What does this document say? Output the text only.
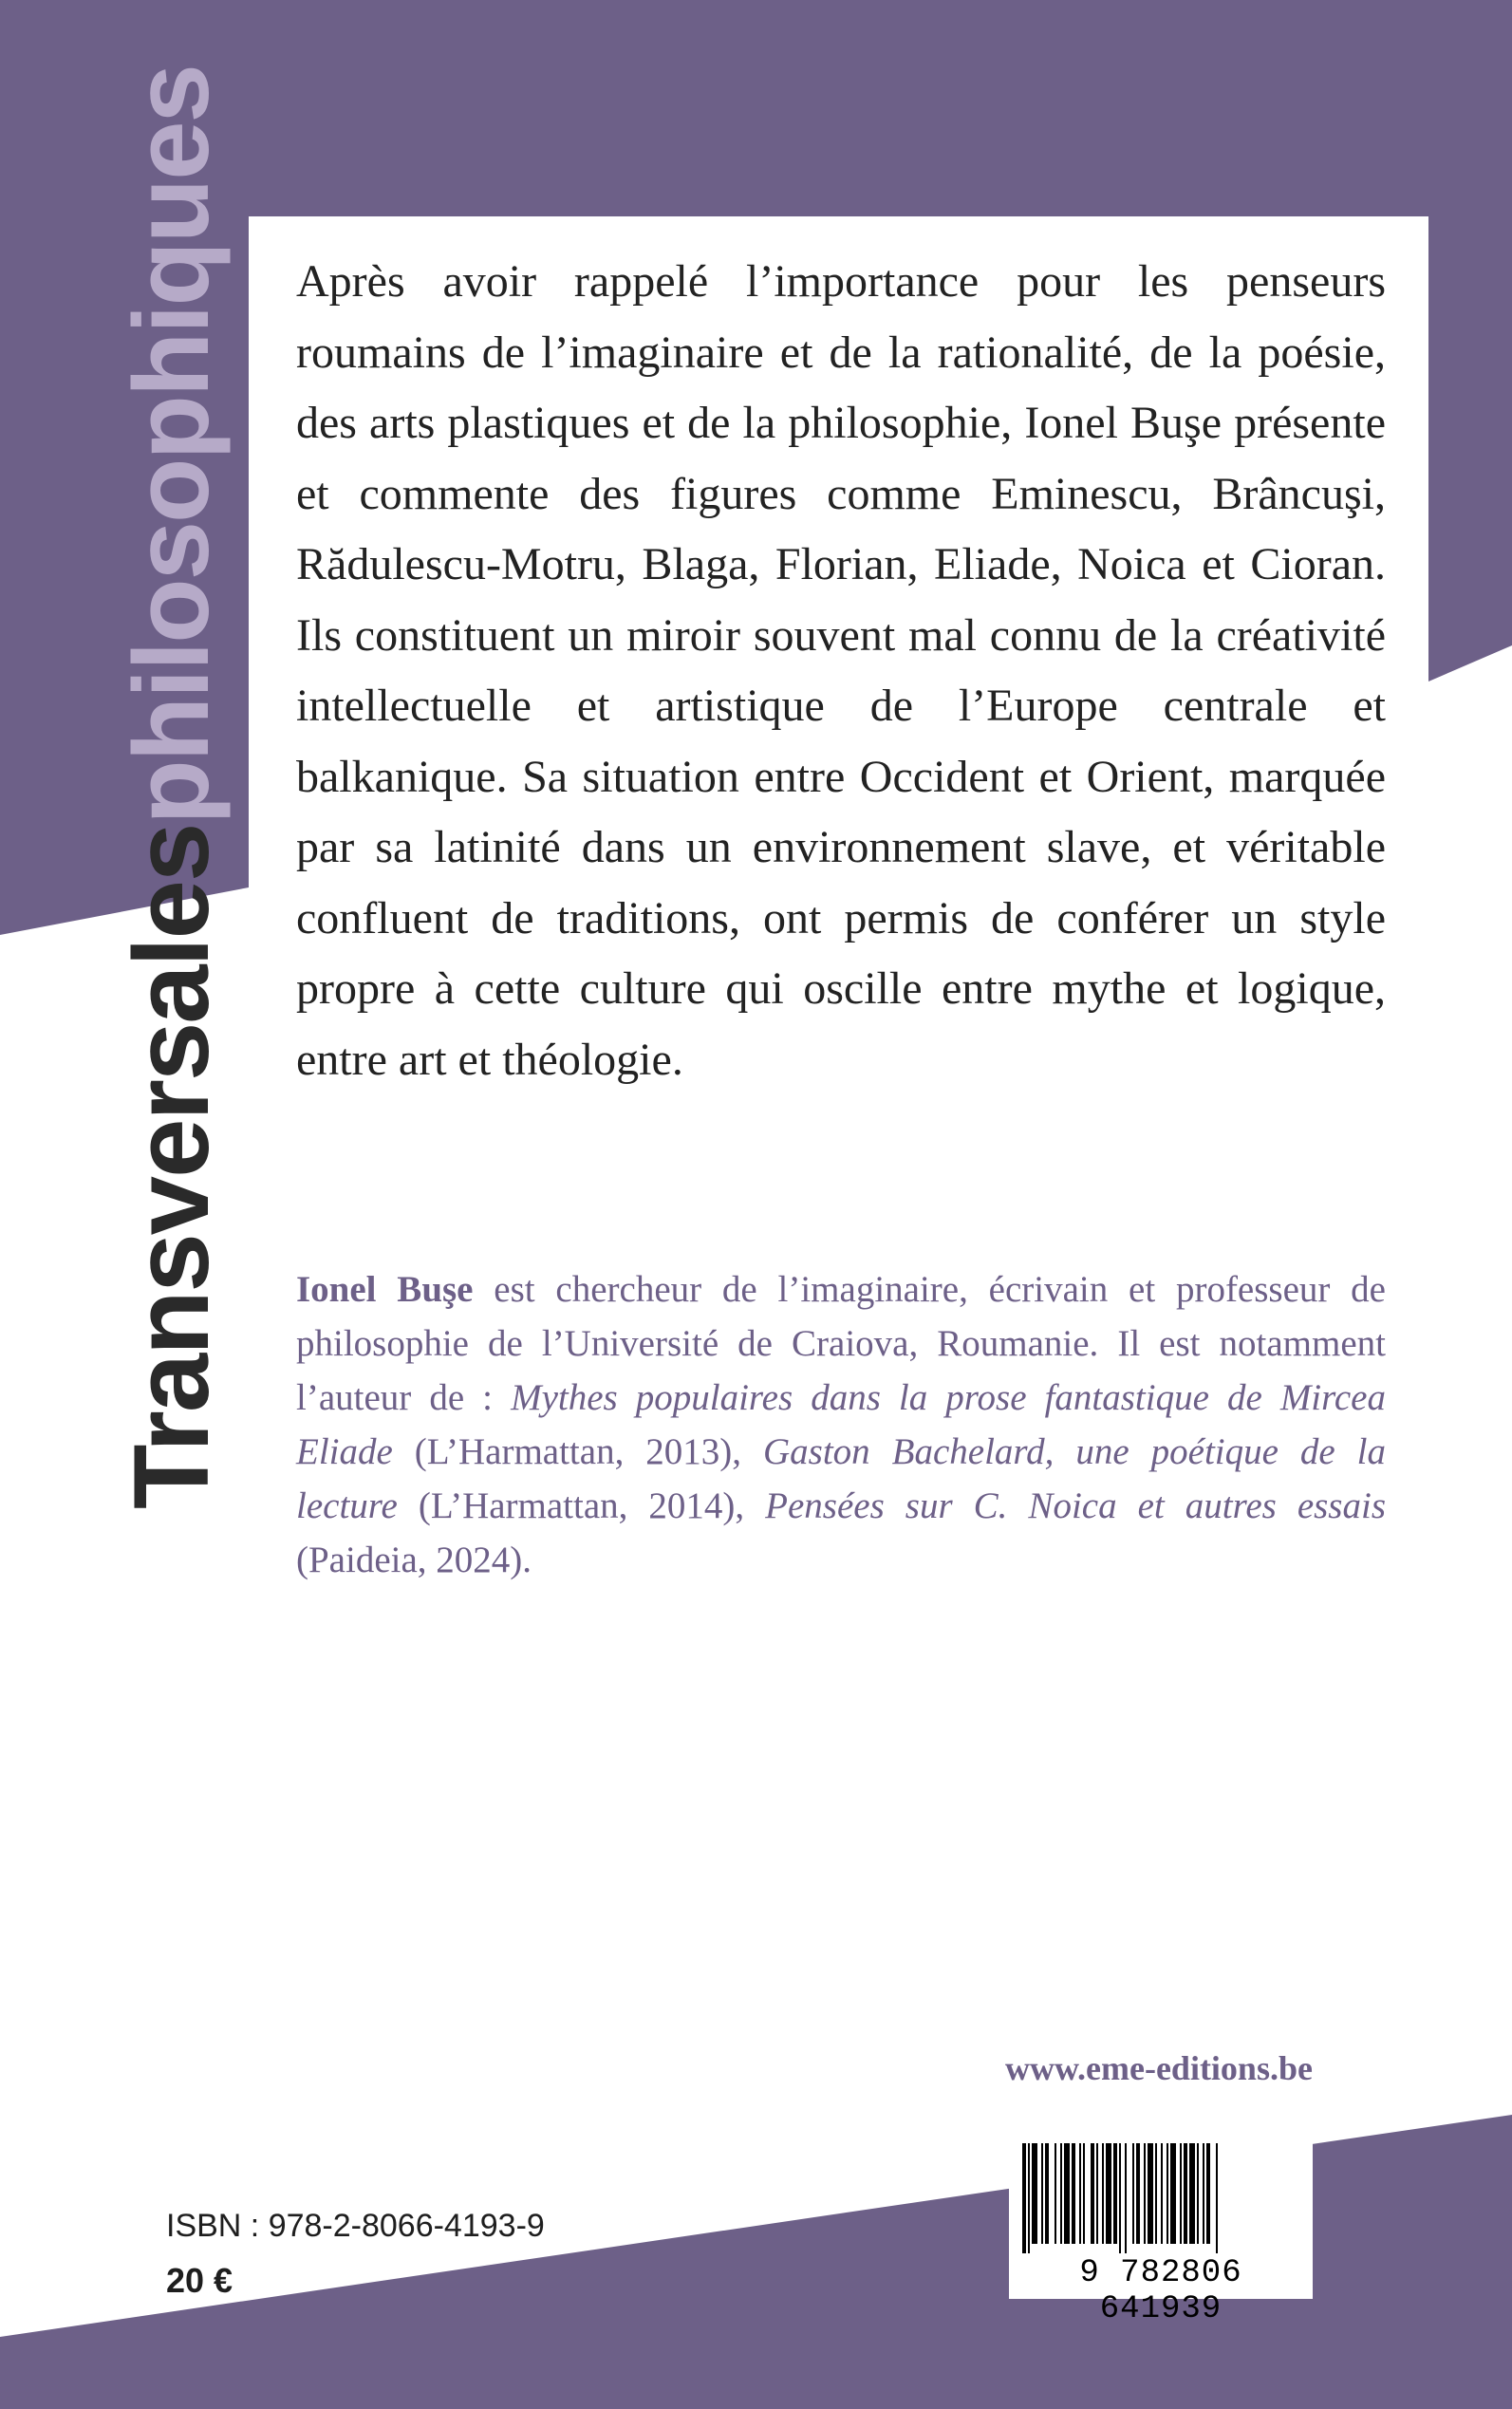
Transversalesphilosophiques Après avoir rappelé l’importance pour les penseurs roumains de l’imaginaire et de la rationalité, de la poésie, des arts plastiques et de la philosophie, Ionel Buşe présente et commente des figures comme Eminescu, Brâncuşi, Rădulescu-Motru, Blaga, Florian, Eliade, Noica et Cioran. Ils constituent un miroir souvent mal connu de la créativité intellectuelle et artistique de l’Europe centrale et balkanique. Sa situation entre Occident et Orient, marquée par sa latinité dans un environnement slave, et véritable confluent de traditions, ont permis de conférer un style propre à cette culture qui oscille entre mythe et logique, entre art et théologie.

Ionel Buşe est chercheur de l’imaginaire, écrivain et professeur de philosophie de l’Université de Craiova, Roumanie. Il est notamment l’auteur de : Mythes populaires dans la prose fantastique de Mircea Eliade (L’Harmattan, 2013), Gaston Bachelard, une poétique de la lecture (L’Harmattan, 2014), Pensées sur C. Noica et autres essais (Paideia, 2024).

www.eme-editions.be
ISBN : 978-2-8066-4193-9
20 €	9 782806 641939
